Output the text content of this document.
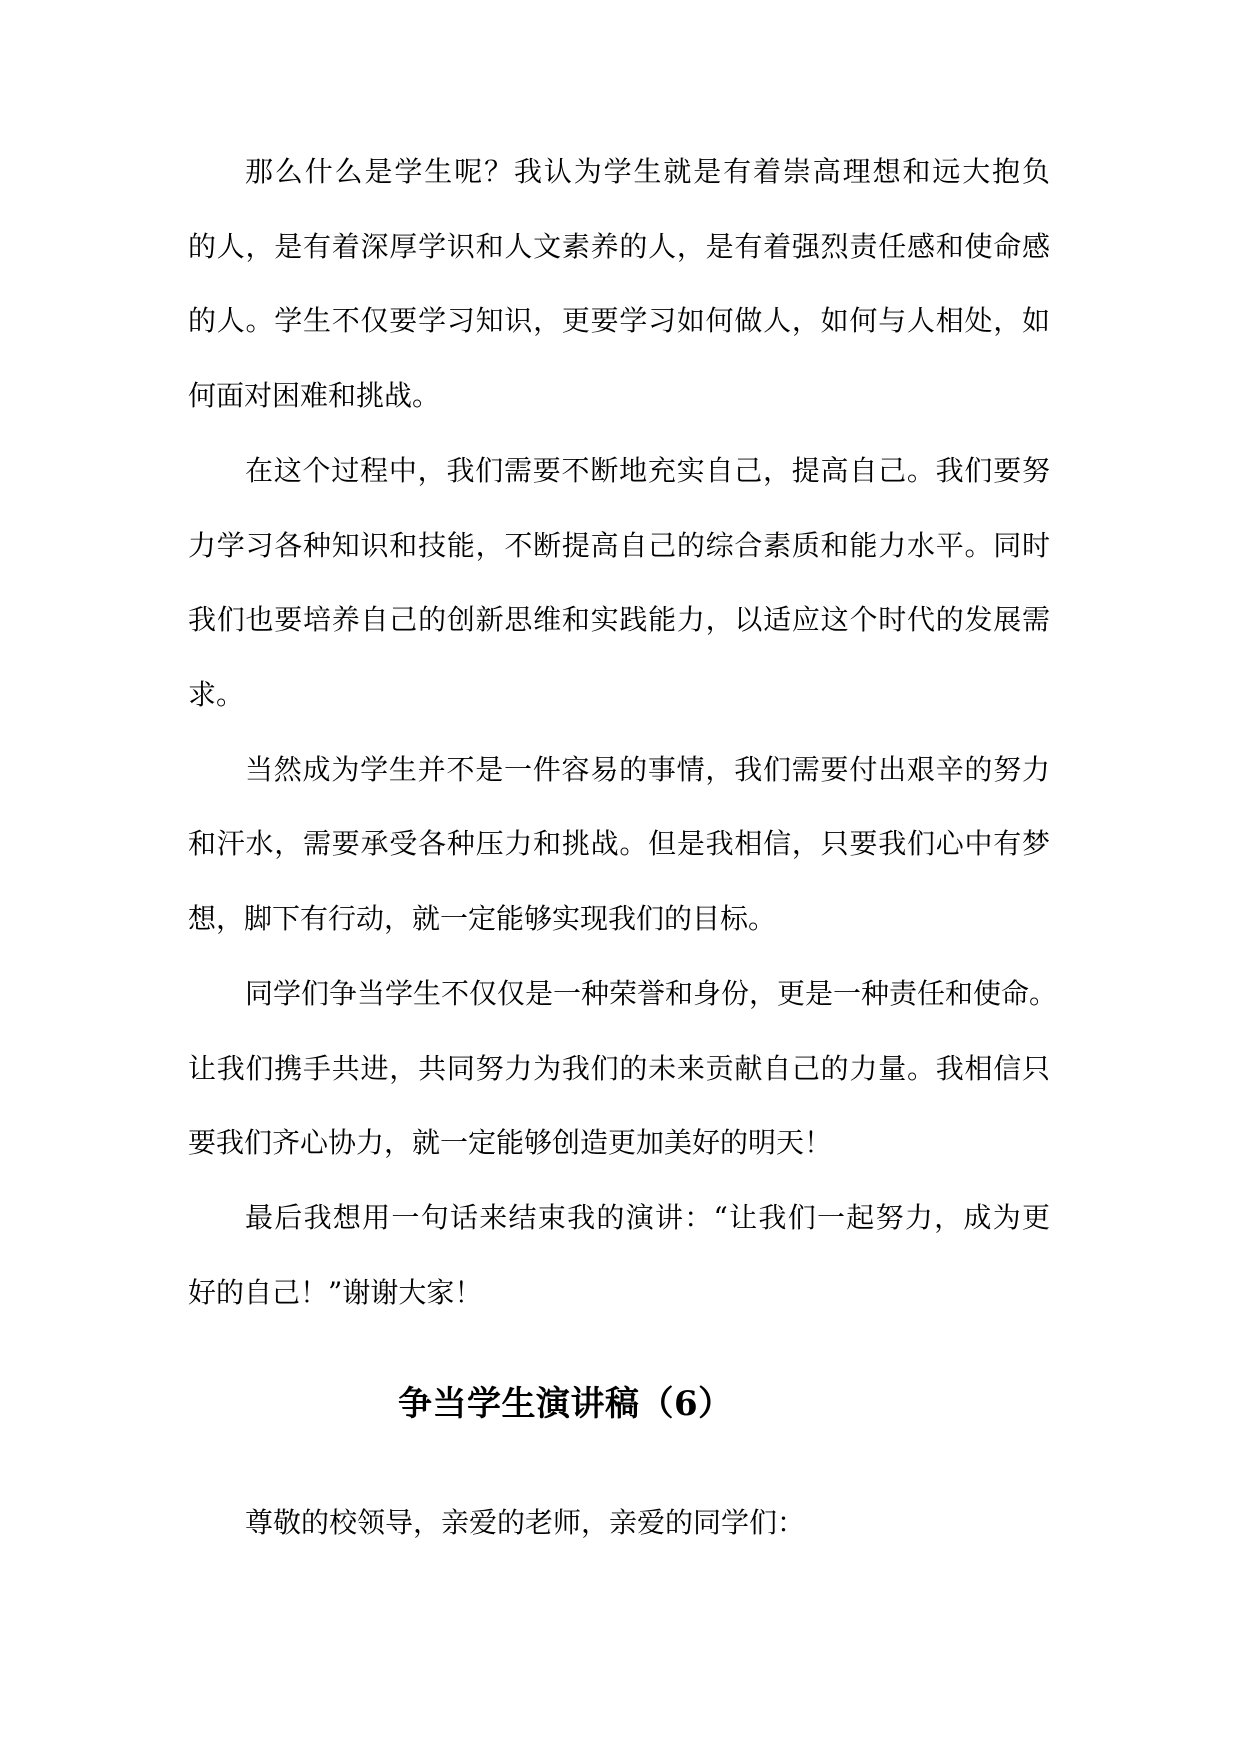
那么什么是学生呢？我认为学生就是有着崇高理想和远大抱负
的人，是有着深厚学识和人文素养的人，是有着强烈责任感和使命感
的人。学生不仅要学习知识，更要学习如何做人，如何与人相处，如
何面对困难和挑战。
在这个过程中，我们需要不断地充实自己，提高自己。我们要努
力学习各种知识和技能，不断提高自己的综合素质和能力水平。同时
我们也要培养自己的创新思维和实践能力，以适应这个时代的发展需
求。
当然成为学生并不是一件容易的事情，我们需要付出艰辛的努力
和汗水，需要承受各种压力和挑战。但是我相信，只要我们心中有梦
想，脚下有行动，就一定能够实现我们的目标。
同学们争当学生不仅仅是一种荣誉和身份，更是一种责任和使命。
让我们携手共进，共同努力为我们的未来贡献自己的力量。我相信只
要我们齐心协力，就一定能够创造更加美好的明天！
最后我想用一句话来结束我的演讲：“让我们一起努力，成为更
好的自己！”谢谢大家！
争当学生演讲稿（6）
尊敬的校领导，亲爱的老师，亲爱的同学们：
